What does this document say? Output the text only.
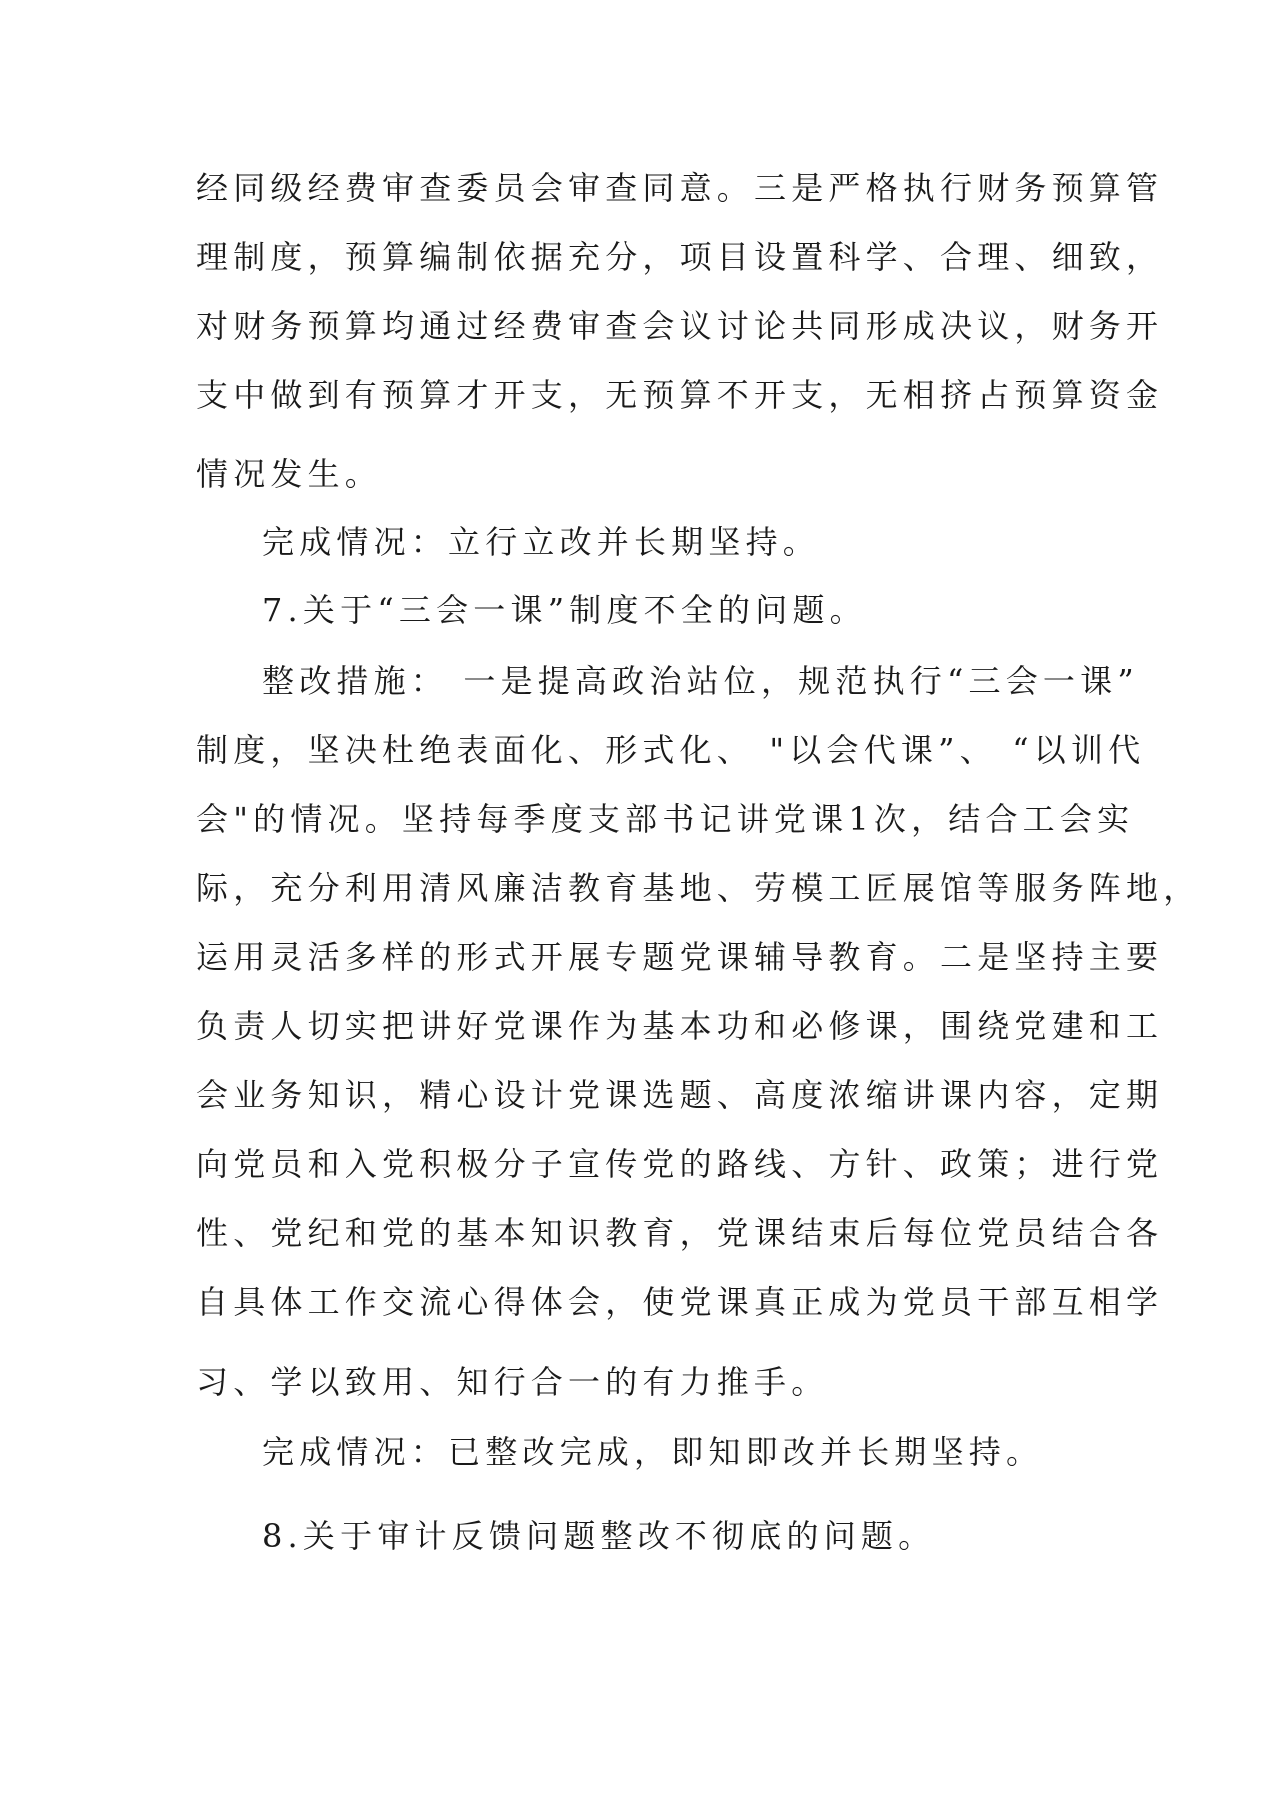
经同级经费审查委员会审查同意。三是严格执行财务预算管
理制度，预算编制依据充分，项目设置科学、合理、细致，
对财务预算均通过经费审查会议讨论共同形成决议，财务开
支中做到有预算才开支，无预算不开支，无相挤占预算资金
情况发生。
完成情况：立行立改并长期坚持。
7.关于“三会一课”制度不全的问题。
整改措施： 一是提高政治站位，规范执行“三会一课”
制度，坚决杜绝表面化、形式化、 "以会代课”、 “以训代
会"的情况。坚持每季度支部书记讲党课1次，结合工会实
际，充分利用清风廉洁教育基地、劳模工匠展馆等服务阵地，
运用灵活多样的形式开展专题党课辅导教育。二是坚持主要
负责人切实把讲好党课作为基本功和必修课，围绕党建和工
会业务知识，精心设计党课选题、高度浓缩讲课内容，定期
向党员和入党积极分子宣传党的路线、方针、政策；进行党
性、党纪和党的基本知识教育，党课结束后每位党员结合各
自具体工作交流心得体会，使党课真正成为党员干部互相学
习、学以致用、知行合一的有力推手。
完成情况：已整改完成，即知即改并长期坚持。
8.关于审计反馈问题整改不彻底的问题。
